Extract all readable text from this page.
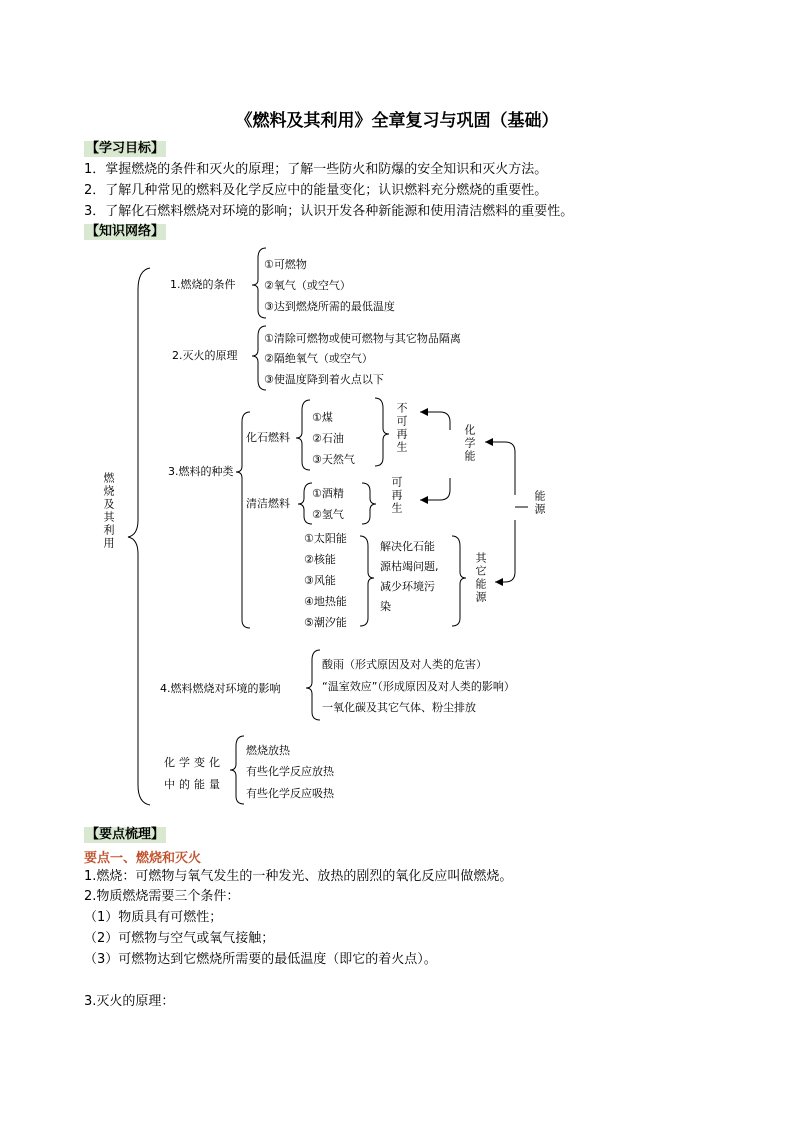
《燃料及其利用》全章复习与巩固（基础）
【学习目标】
1．掌握燃烧的条件和灭火的原理；了解一些防火和防爆的安全知识和灭火方法。
2．了解几种常见的燃料及化学反应中的能量变化；认识燃料充分燃烧的重要性。
3．了解化石燃料燃烧对环境的影响；认识开发各种新能源和使用清洁燃料的重要性。
【知识网络】
燃烧及其利用
1.燃烧的条件
①可燃物
②氧气（或空气）
③达到燃烧所需的最低温度
2.灭火的原理
①清除可燃物或使可燃物与其它物品隔离
②隔绝氧气（或空气）
③使温度降到着火点以下
3.燃料的种类
化石燃料
①煤
②石油
③天然气
不可再生	化学能
清洁燃料
①酒精
②氢气	可再生	能源
①太阳能
②核能
③风能
④地热能
⑤潮汐能
解决化石能
源枯竭问题,
减少环境污
染
其它能源
4.燃料燃烧对环境的影响
酸雨（形式原因及对人类的危害）
“温室效应”（形成原因及对人类的影响）
一氧化碳及其它气体、粉尘排放
化学变化
中的能量
燃烧放热
有些化学反应放热
有些化学反应吸热
【要点梳理】
要点一、燃烧和灭火
1.燃烧：可燃物与氧气发生的一种发光、放热的剧烈的氧化反应叫做燃烧。
2.物质燃烧需要三个条件：
（1）物质具有可燃性；
（2）可燃物与空气或氧气接触；
（3）可燃物达到它燃烧所需要的最低温度（即它的着火点）。
3.灭火的原理：
